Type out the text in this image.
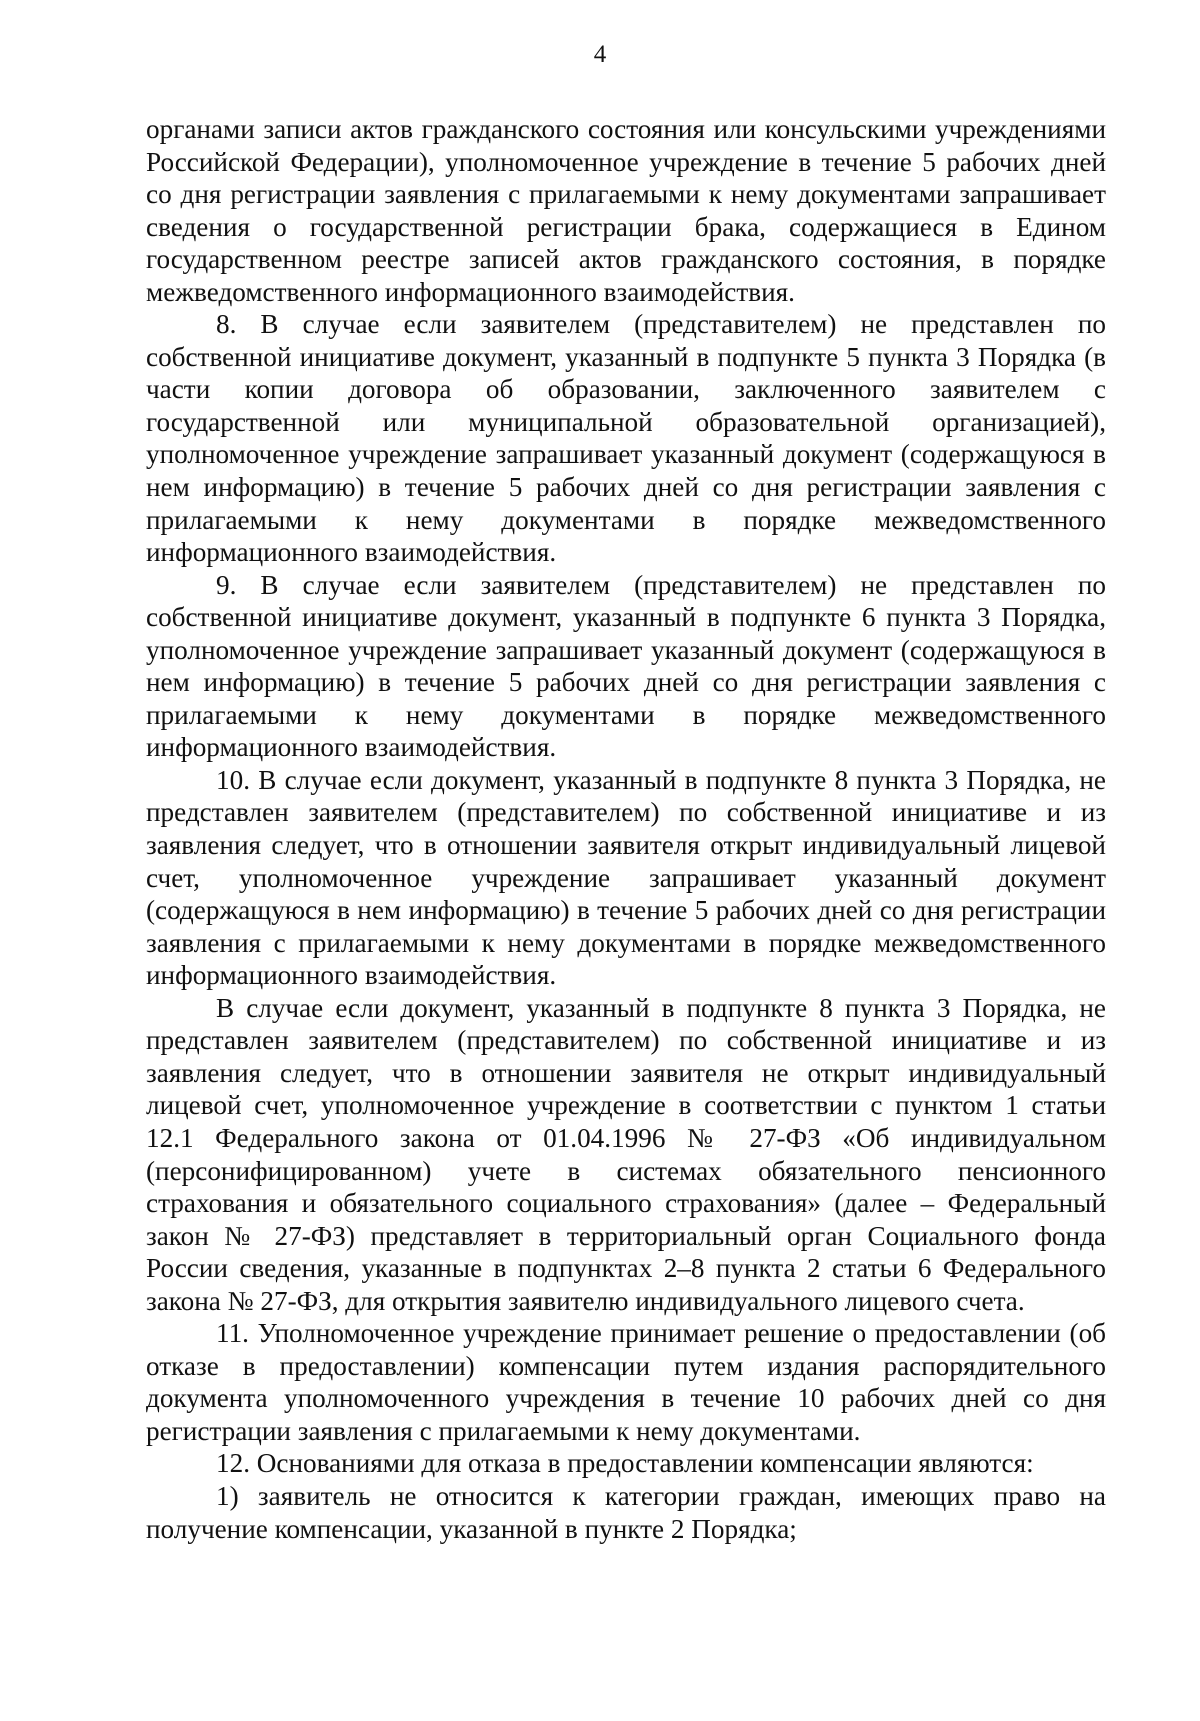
4

органами записи актов гражданского состояния или консульскими учреждениями Российской Федерации), уполномоченное учреждение в течение 5 рабочих дней со дня регистрации заявления с прилагаемыми к нему документами запрашивает сведения о государственной регистрации брака, содержащиеся в Едином государственном реестре записей актов гражданского состояния, в порядке межведомственного информационного взаимодействия.

8. В случае если заявителем (представителем) не представлен по собственной инициативе документ, указанный в подпункте 5 пункта 3 Порядка (в части копии договора об образовании, заключенного заявителем с государственной или муниципальной образовательной организацией), уполномоченное учреждение запрашивает указанный документ (содержащуюся в нем информацию) в течение 5 рабочих дней со дня регистрации заявления с прилагаемыми к нему документами в порядке межведомственного информационного взаимодействия.

9. В случае если заявителем (представителем) не представлен по собственной инициативе документ, указанный в подпункте 6 пункта 3 Порядка, уполномоченное учреждение запрашивает указанный документ (содержащуюся в нем информацию) в течение 5 рабочих дней со дня регистрации заявления с прилагаемыми к нему документами в порядке межведомственного информационного взаимодействия.

10. В случае если документ, указанный в подпункте 8 пункта 3 Порядка, не представлен заявителем (представителем) по собственной инициативе и из заявления следует, что в отношении заявителя открыт индивидуальный лицевой счет, уполномоченное учреждение запрашивает указанный документ (содержащуюся в нем информацию) в течение 5 рабочих дней со дня регистрации заявления с прилагаемыми к нему документами в порядке межведомственного информационного взаимодействия.

В случае если документ, указанный в подпункте 8 пункта 3 Порядка, не представлен заявителем (представителем) по собственной инициативе и из заявления следует, что в отношении заявителя не открыт индивидуальный лицевой счет, уполномоченное учреждение в соответствии с пунктом 1 статьи 12.1 Федерального закона от 01.04.1996 № 27-ФЗ «Об индивидуальном (персонифицированном) учете в системах обязательного пенсионного страхования и обязательного социального страхования» (далее – Федеральный закон № 27-ФЗ) представляет в территориальный орган Социального фонда России сведения, указанные в подпунктах 2–8 пункта 2 статьи 6 Федерального закона № 27-ФЗ, для открытия заявителю индивидуального лицевого счета.

11. Уполномоченное учреждение принимает решение о предоставлении (об отказе в предоставлении) компенсации путем издания распорядительного документа уполномоченного учреждения в течение 10 рабочих дней со дня регистрации заявления с прилагаемыми к нему документами.

12. Основаниями для отказа в предоставлении компенсации являются:

1) заявитель не относится к категории граждан, имеющих право на получение компенсации, указанной в пункте 2 Порядка;
